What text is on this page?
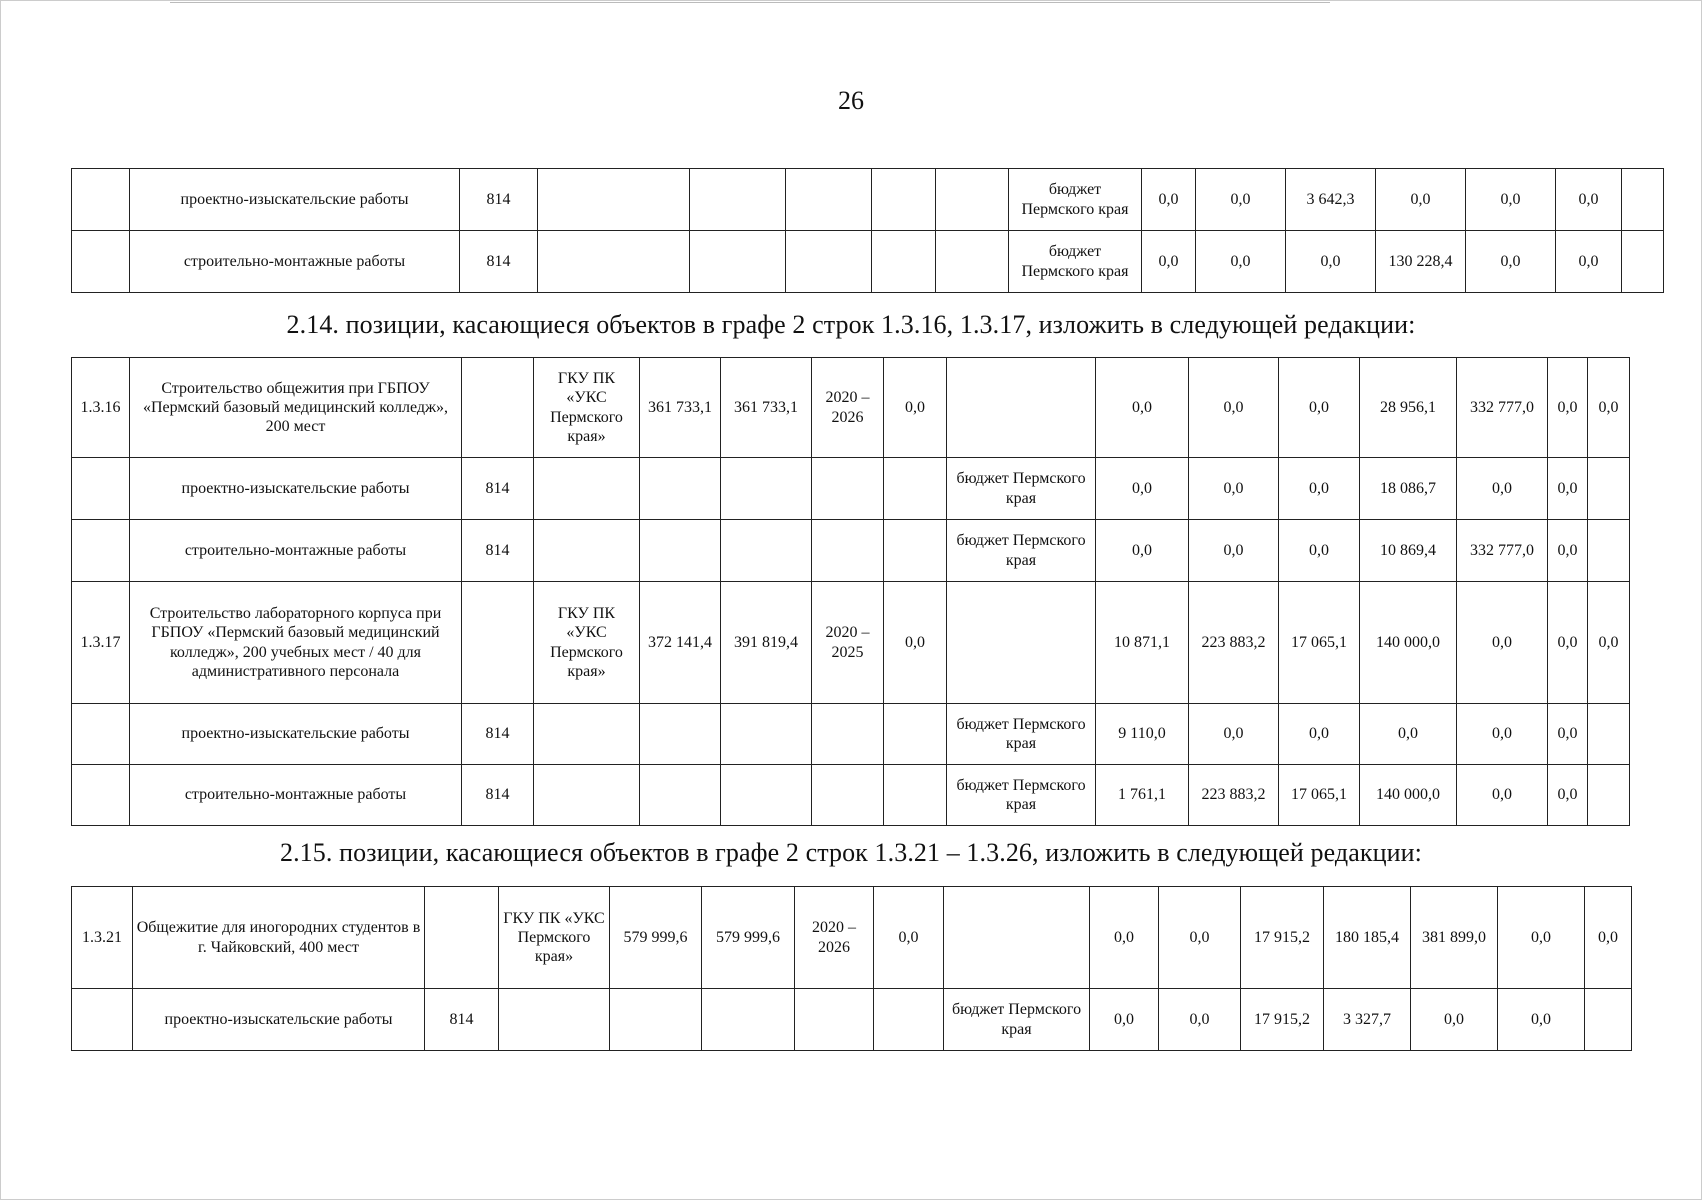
26
	проектно-изыскательские работы	814						бюджет Пермского края	0,0	0,0	3 642,3	0,0	0,0	0,0	
	строительно-монтажные работы	814						бюджет Пермского края	0,0	0,0	0,0	130 228,4	0,0	0,0	
2.14. позиции, касающиеся объектов в графе 2 строк 1.3.16, 1.3.17, изложить в следующей редакции:
1.3.16	Строительство общежития при ГБПОУ «Пермский базовый медицинский колледж», 200 мест		ГКУ ПК «УКС Пермского края»	361 733,1	361 733,1	2020 – 2026	0,0		0,0	0,0	0,0	28 956,1	332 777,0	0,0	0,0
	проектно-изыскательские работы	814						бюджет Пермского края	0,0	0,0	0,0	18 086,7	0,0	0,0	
	строительно-монтажные работы	814						бюджет Пермского края	0,0	0,0	0,0	10 869,4	332 777,0	0,0	
1.3.17	Строительство лабораторного корпуса при ГБПОУ «Пермский базовый медицинский колледж», 200 учебных мест / 40 для административного персонала		ГКУ ПК «УКС Пермского края»	372 141,4	391 819,4	2020 – 2025	0,0		10 871,1	223 883,2	17 065,1	140 000,0	0,0	0,0	0,0
	проектно-изыскательские работы	814						бюджет Пермского края	9 110,0	0,0	0,0	0,0	0,0	0,0	
	строительно-монтажные работы	814						бюджет Пермского края	1 761,1	223 883,2	17 065,1	140 000,0	0,0	0,0	
2.15. позиции, касающиеся объектов в графе 2 строк 1.3.21 – 1.3.26, изложить в следующей редакции:
1.3.21	Общежитие для иногородних студентов в г. Чайковский, 400 мест		ГКУ ПК «УКС Пермского края»	579 999,6	579 999,6	2020 – 2026	0,0		0,0	0,0	17 915,2	180 185,4	381 899,0	0,0	0,0
	проектно-изыскательские работы	814						бюджет Пермского края	0,0	0,0	17 915,2	3 327,7	0,0	0,0	
